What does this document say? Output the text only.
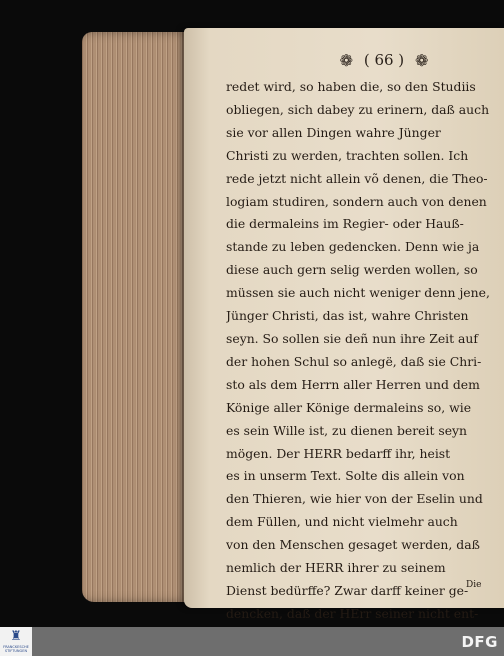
❁ ( 66 ) ❁
redet wird, so haben die, so den Studiis
obliegen, sich dabey zu erinern, daß auch
sie vor allen Dingen wahre Jünger
Christi zu werden, trachten sollen. Ich
rede jetzt nicht allein võ denen, die Theo-
logiam studiren, sondern auch von denen
die dermaleins im Regier- oder Hauß-
stande zu leben gedencken. Denn wie ja
diese auch gern selig werden wollen, so
müssen sie auch nicht weniger denn jene,
Jünger Christi, das ist, wahre Christen
seyn. So sollen sie deñ nun ihre Zeit auf
der hohen Schul so anlegë, daß sie Chri-
sto als dem Herrn aller Herren und dem
Könige aller Könige dermaleins so, wie
es sein Wille ist, zu dienen bereit seyn
mögen. Der HERR bedarff ihr, heist
es in unserm Text. Solte dis allein von
den Thieren, wie hier von der Eselin und
dem Füllen, und nicht vielmehr auch
von den Menschen gesaget werden, daß
nemlich der HERR ihrer zu seinem
Dienst bedürffe? Zwar darff keiner ge-
dencken, daß der HErr seiner nicht ent-
Die
♜
FRANCKESCHE STIFTUNGEN	DFG
